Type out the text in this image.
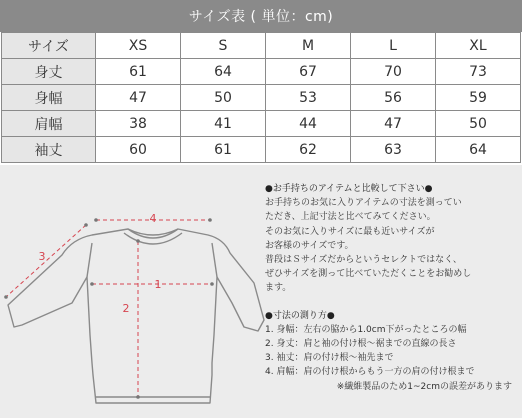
サイズ表 ( 単位：cm)
サイズ	XS	S	M	L	XL
身丈	61	64	67	70	73
身幅	47	50	53	56	59
肩幅	38	41	44	47	50
袖丈	60	61	62	63	64
4
3
1
2

●お手持ちのアイテムと比較して下さい●

お手持ちのお気に入りアイテムの寸法を測ってい

ただき、上記寸法と比べてみてください。

そのお気に入りサイズに最も近いサイズが

お客様のサイズです。

普段はＳサイズだからというセレクトではなく、

ぜひサイズを測って比べていただくことをお勧めし

ます。

●寸法の測り方●

1. 身幅：左右の脇から1.0cm下がったところの幅

2. 身丈：肩と袖の付け根～裾までの直線の長さ

3. 袖丈：肩の付け根～袖先まで

4. 肩幅：肩の付け根からもう一方の肩の付け根まで

※繊維製品のため1~2cmの誤差があります
